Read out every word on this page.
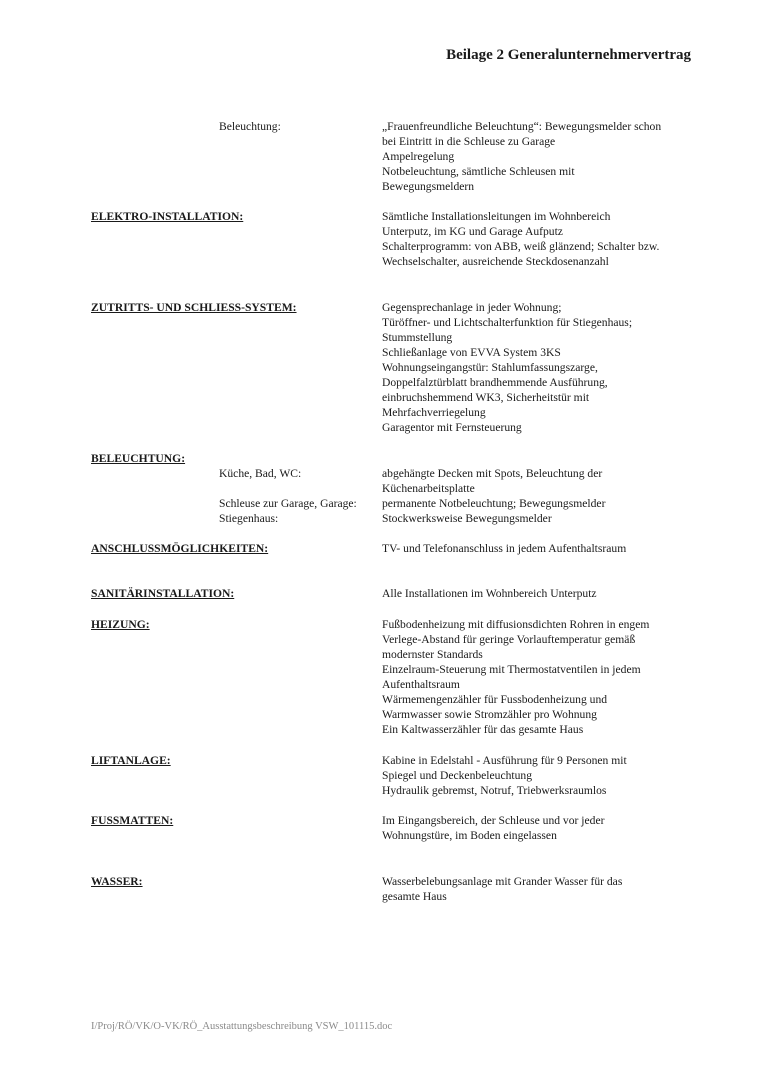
Beilage 2 Generalunternehmervertrag
Beleuchtung:	„Frauenfreundliche Beleuchtung“: Bewegungsmelder schon
bei Eintritt in die Schleuse zu Garage
Ampelregelung
Notbeleuchtung, sämtliche Schleusen mit
Bewegungsmeldern
ELEKTRO-INSTALLATION:	Sämtliche Installationsleitungen im Wohnbereich
Unterputz, im KG und Garage Aufputz
Schalterprogramm: von ABB, weiß glänzend; Schalter bzw.
Wechselschalter, ausreichende Steckdosenanzahl
ZUTRITTS- UND SCHLIESS-SYSTEM:	Gegensprechanlage in jeder Wohnung;
Türöffner- und Lichtschalterfunktion für Stiegenhaus;
Stummstellung
Schließanlage von EVVA System 3KS
Wohnungseingangstür: Stahlumfassungszarge,
Doppelfalztürblatt brandhemmende Ausführung,
einbruchshemmend WK3, Sicherheitstür mit
Mehrfachverriegelung
Garagentor mit Fernsteuerung
BELEUCHTUNG:
Küche, Bad, WC:	abgehängte Decken mit Spots, Beleuchtung der
Küchenarbeitsplatte
Schleuse zur Garage, Garage: permanente Notbeleuchtung; Bewegungsmelder
Stiegenhaus:	Stockwerksweise Bewegungsmelder
ANSCHLUSSMÖGLICHKEITEN:	TV- und Telefonanschluss in jedem Aufenthaltsraum
SANITÄRINSTALLATION:	Alle Installationen im Wohnbereich Unterputz
HEIZUNG:	Fußbodenheizung mit diffusionsdichten Rohren in engem
Verlege-Abstand für geringe Vorlauftemperatur gemäß
modernster Standards
Einzelraum-Steuerung mit Thermostatventilen in jedem
Aufenthaltsraum
Wärmemengenzähler für Fussbodenheizung und
Warmwasser sowie Stromzähler pro Wohnung
Ein Kaltwasserzähler für das gesamte Haus
LIFTANLAGE:	Kabine in Edelstahl - Ausführung für 9 Personen mit
Spiegel und Deckenbeleuchtung
Hydraulik gebremst, Notruf, Triebwerksraumlos
FUSSMATTEN:	Im Eingangsbereich, der Schleuse und vor jeder
Wohnungstüre, im Boden eingelassen
WASSER:	Wasserbelebungsanlage mit Grander Wasser für das
gesamte Haus
I/Proj/RÖ/VK/O-VK/RÖ_Ausstattungsbeschreibung VSW_101115.doc
